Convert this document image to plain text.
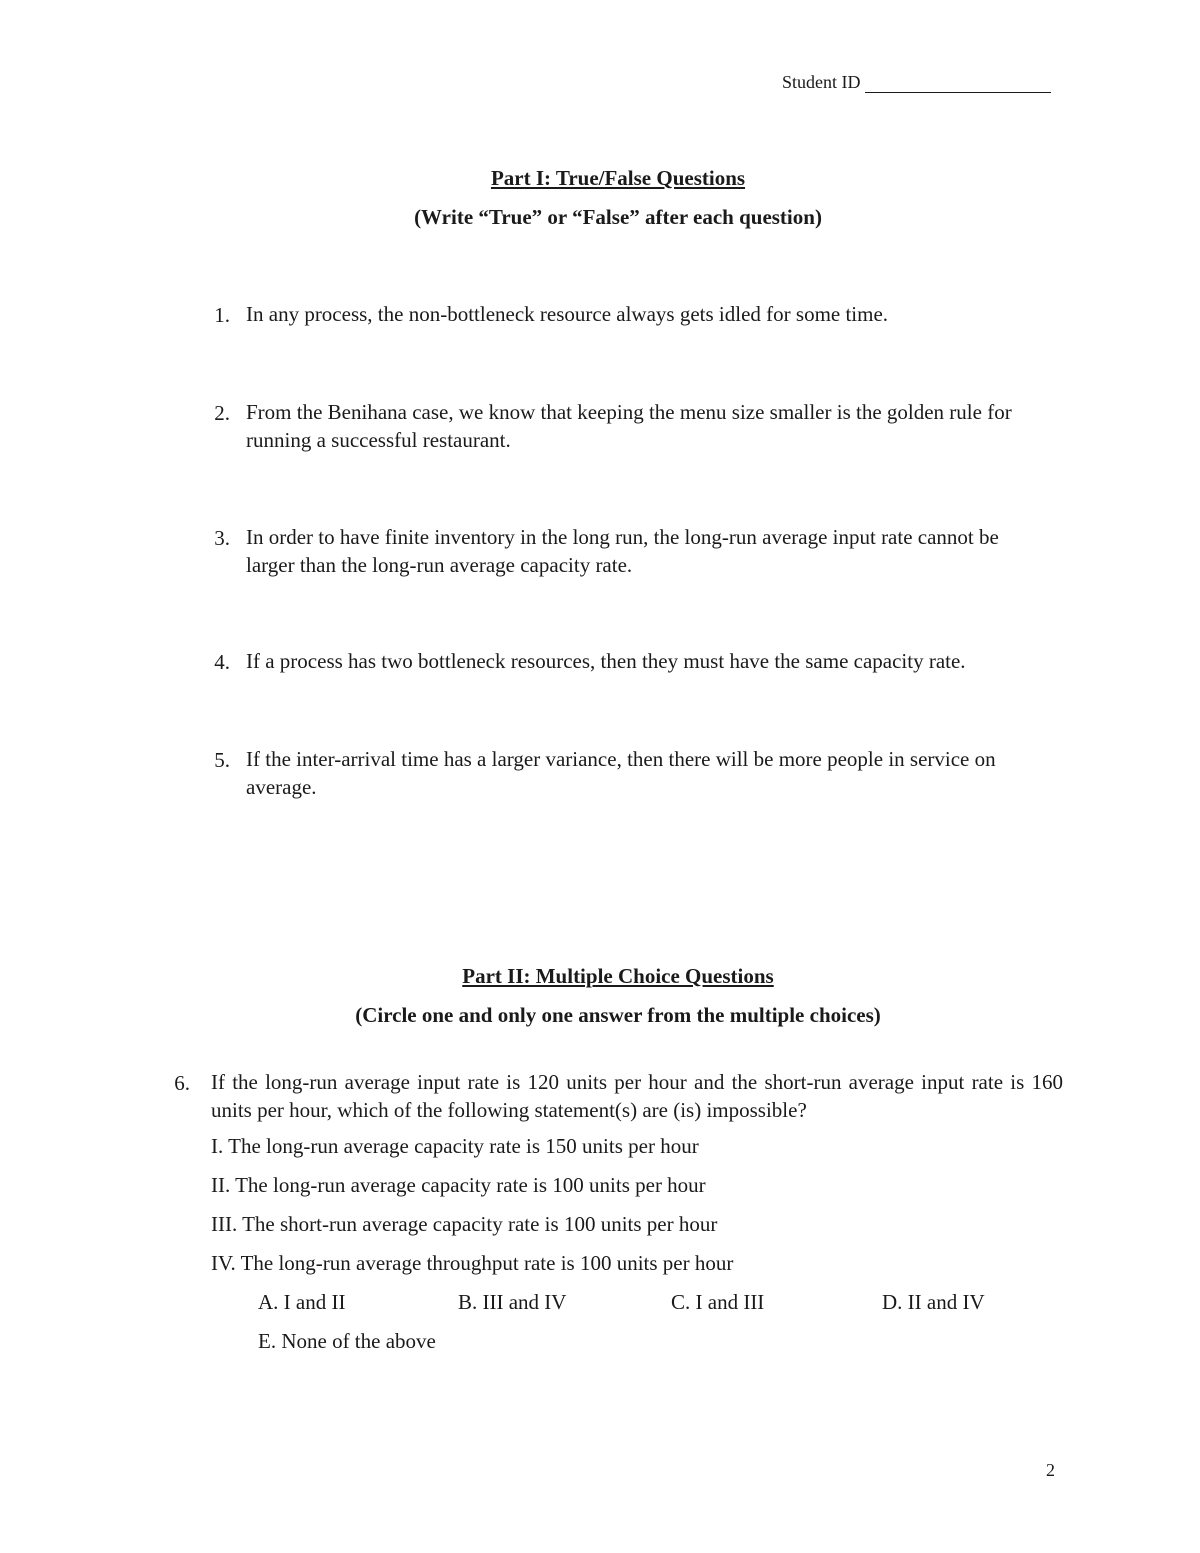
Student ID
Part I: True/False Questions
(Write “True” or “False” after each question)
1. In any process, the non-bottleneck resource always gets idled for some time.
2. From the Benihana case, we know that keeping the menu size smaller is the golden rule for running a successful restaurant.
3. In order to have finite inventory in the long run, the long-run average input rate cannot be larger than the long-run average capacity rate.
4. If a process has two bottleneck resources, then they must have the same capacity rate.
5. If the inter-arrival time has a larger variance, then there will be more people in service on average.
Part II: Multiple Choice Questions
(Circle one and only one answer from the multiple choices)
6. If the long-run average input rate is 120 units per hour and the short-run average input rate is 160 units per hour, which of the following statement(s) are (is) impossible?
I. The long-run average capacity rate is 150 units per hour
II. The long-run average capacity rate is 100 units per hour
III. The short-run average capacity rate is 100 units per hour
IV. The long-run average throughput rate is 100 units per hour
A. I and II	B. III and IV	C. I and III	D. II and IV
E. None of the above
2
